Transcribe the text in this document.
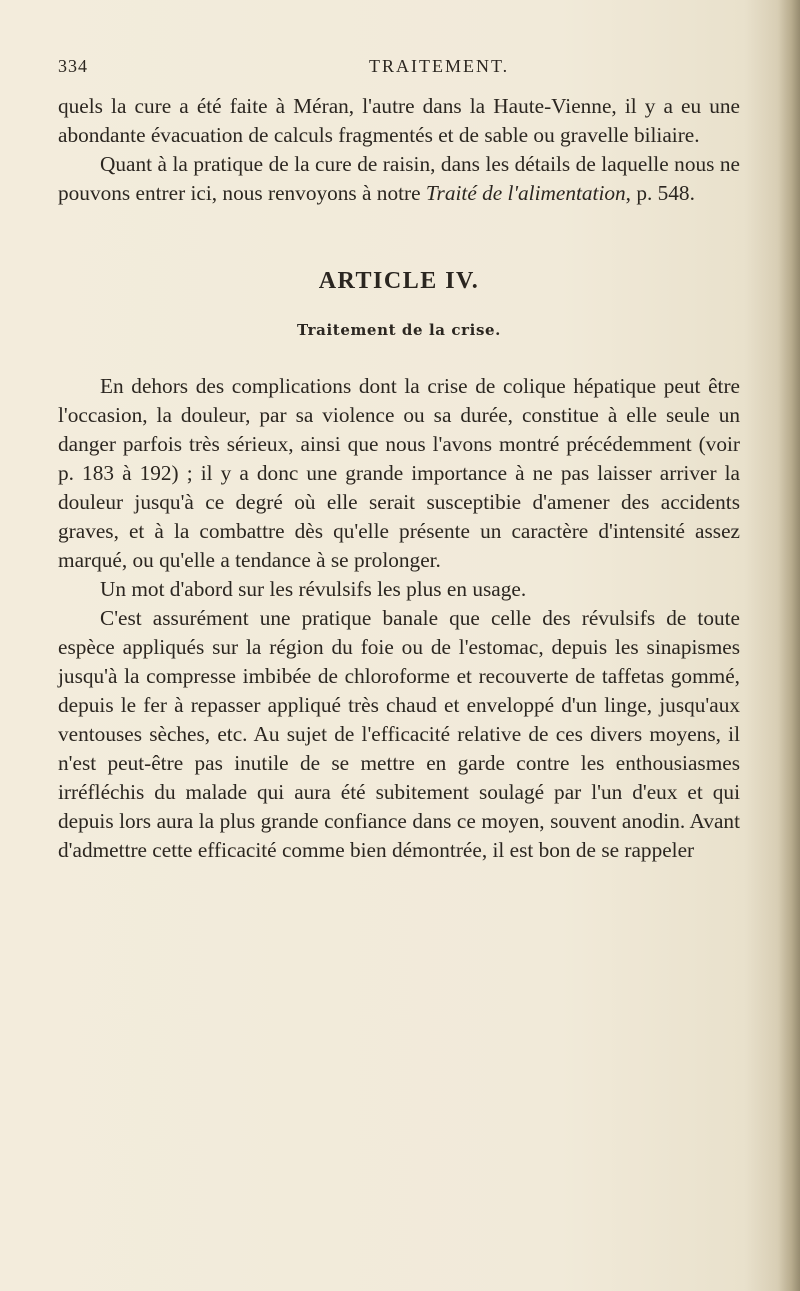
334	TRAITEMENT.

quels la cure a été faite à Méran, l'autre dans la Haute-Vienne, il y a eu une abondante évacuation de calculs fragmentés et de sable ou gravelle biliaire.

Quant à la pratique de la cure de raisin, dans les détails de laquelle nous ne pouvons entrer ici, nous renvoyons à notre Traité de l'alimentation, p. 548.

ARTICLE IV.
Traitement de la crise.

En dehors des complications dont la crise de colique hépatique peut être l'occasion, la douleur, par sa violence ou sa durée, constitue à elle seule un danger parfois très sérieux, ainsi que nous l'avons montré précédemment (voir p. 183 à 192) ; il y a donc une grande importance à ne pas laisser arriver la douleur jusqu'à ce degré où elle serait susceptibie d'amener des accidents graves, et à la combattre dès qu'elle présente un caractère d'intensité assez marqué, ou qu'elle a tendance à se prolonger.

Un mot d'abord sur les révulsifs les plus en usage.

C'est assurément une pratique banale que celle des révulsifs de toute espèce appliqués sur la région du foie ou de l'estomac, depuis les sinapismes jusqu'à la compresse imbibée de chloroforme et recouverte de taffetas gommé, depuis le fer à repasser appliqué très chaud et enveloppé d'un linge, jusqu'aux ventouses sèches, etc. Au sujet de l'efficacité relative de ces divers moyens, il n'est peut-être pas inutile de se mettre en garde contre les enthousiasmes irréfléchis du malade qui aura été subitement soulagé par l'un d'eux et qui depuis lors aura la plus grande confiance dans ce moyen, souvent anodin. Avant d'admettre cette efficacité comme bien démontrée, il est bon de se rappeler
